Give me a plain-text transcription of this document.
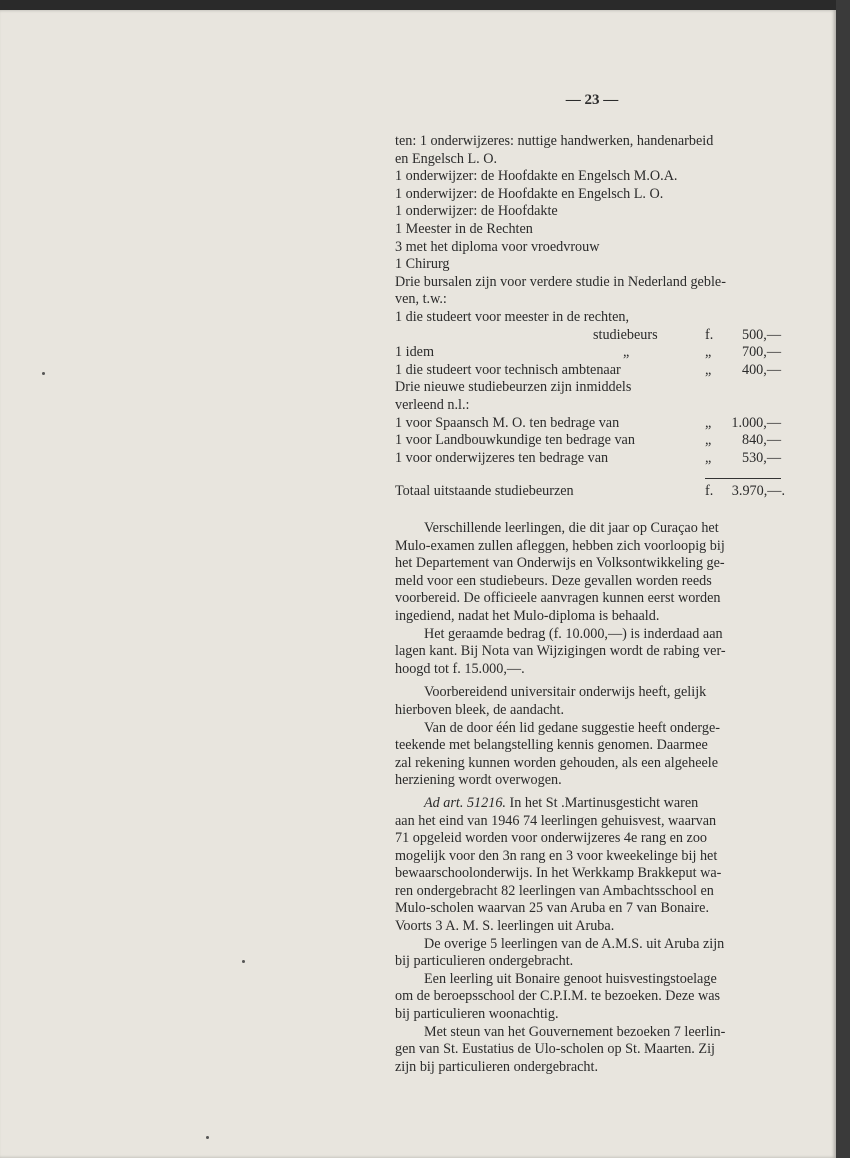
— 23 —
ten: 1 onderwijzeres: nuttige handwerken, handenarbeid
en Engelsch L. O.
1 onderwijzer: de Hoofdakte en Engelsch M.O.A.
1 onderwijzer: de Hoofdakte en Engelsch L. O.
1 onderwijzer: de Hoofdakte
1 Meester in de Rechten
3 met het diploma voor vroedvrouw
1 Chirurg
Drie bursalen zijn voor verdere studie in Nederland geble-
ven, t.w.:
1 die studeert voor meester in de rechten,
studiebeurs	f. 500,—
1 idem	„	„ 700,—
1 die studeert voor technisch ambtenaar	„ 400,—
Drie nieuwe studiebeurzen zijn inmiddels
verleend n.l.:
1 voor Spaansch M. O. ten bedrage van	„ 1.000,—
1 voor Landbouwkundige ten bedrage van	„ 840,—
1 voor onderwijzeres ten bedrage van	„ 530,—
Totaal uitstaande studiebeurzen	f. 3.970,—.
Verschillende leerlingen, die dit jaar op Curaçao het
Mulo-examen zullen afleggen, hebben zich voorloopig bij
het Departement van Onderwijs en Volksontwikkeling ge-
meld voor een studiebeurs. Deze gevallen worden reeds
voorbereid. De officieele aanvragen kunnen eerst worden
ingediend, nadat het Mulo-diploma is behaald.
Het geraamde bedrag (f. 10.000,—) is inderdaad aan
lagen kant. Bij Nota van Wijzigingen wordt de rabing ver-
hoogd tot f. 15.000,—.
Voorbereidend universitair onderwijs heeft, gelijk
hierboven bleek, de aandacht.
Van de door één lid gedane suggestie heeft onderge-
teekende met belangstelling kennis genomen. Daarmee
zal rekening kunnen worden gehouden, als een algeheele
herziening wordt overwogen.
Ad art. 51216. In het St .Martinusgesticht waren
aan het eind van 1946 74 leerlingen gehuisvest, waarvan
71 opgeleid worden voor onderwijzeres 4e rang en zoo
mogelijk voor den 3n rang en 3 voor kweekelinge bij het
bewaarschoolonderwijs. In het Werkkamp Brakkeput wa-
ren ondergebracht 82 leerlingen van Ambachtsschool en
Mulo-scholen waarvan 25 van Aruba en 7 van Bonaire.
Voorts 3 A. M. S. leerlingen uit Aruba.
De overige 5 leerlingen van de A.M.S. uit Aruba zijn
bij particulieren ondergebracht.
Een leerling uit Bonaire genoot huisvestingstoelage
om de beroepsschool der C.P.I.M. te bezoeken. Deze was
bij particulieren woonachtig.
Met steun van het Gouvernement bezoeken 7 leerlin-
gen van St. Eustatius de Ulo-scholen op St. Maarten. Zij
zijn bij particulieren ondergebracht.
